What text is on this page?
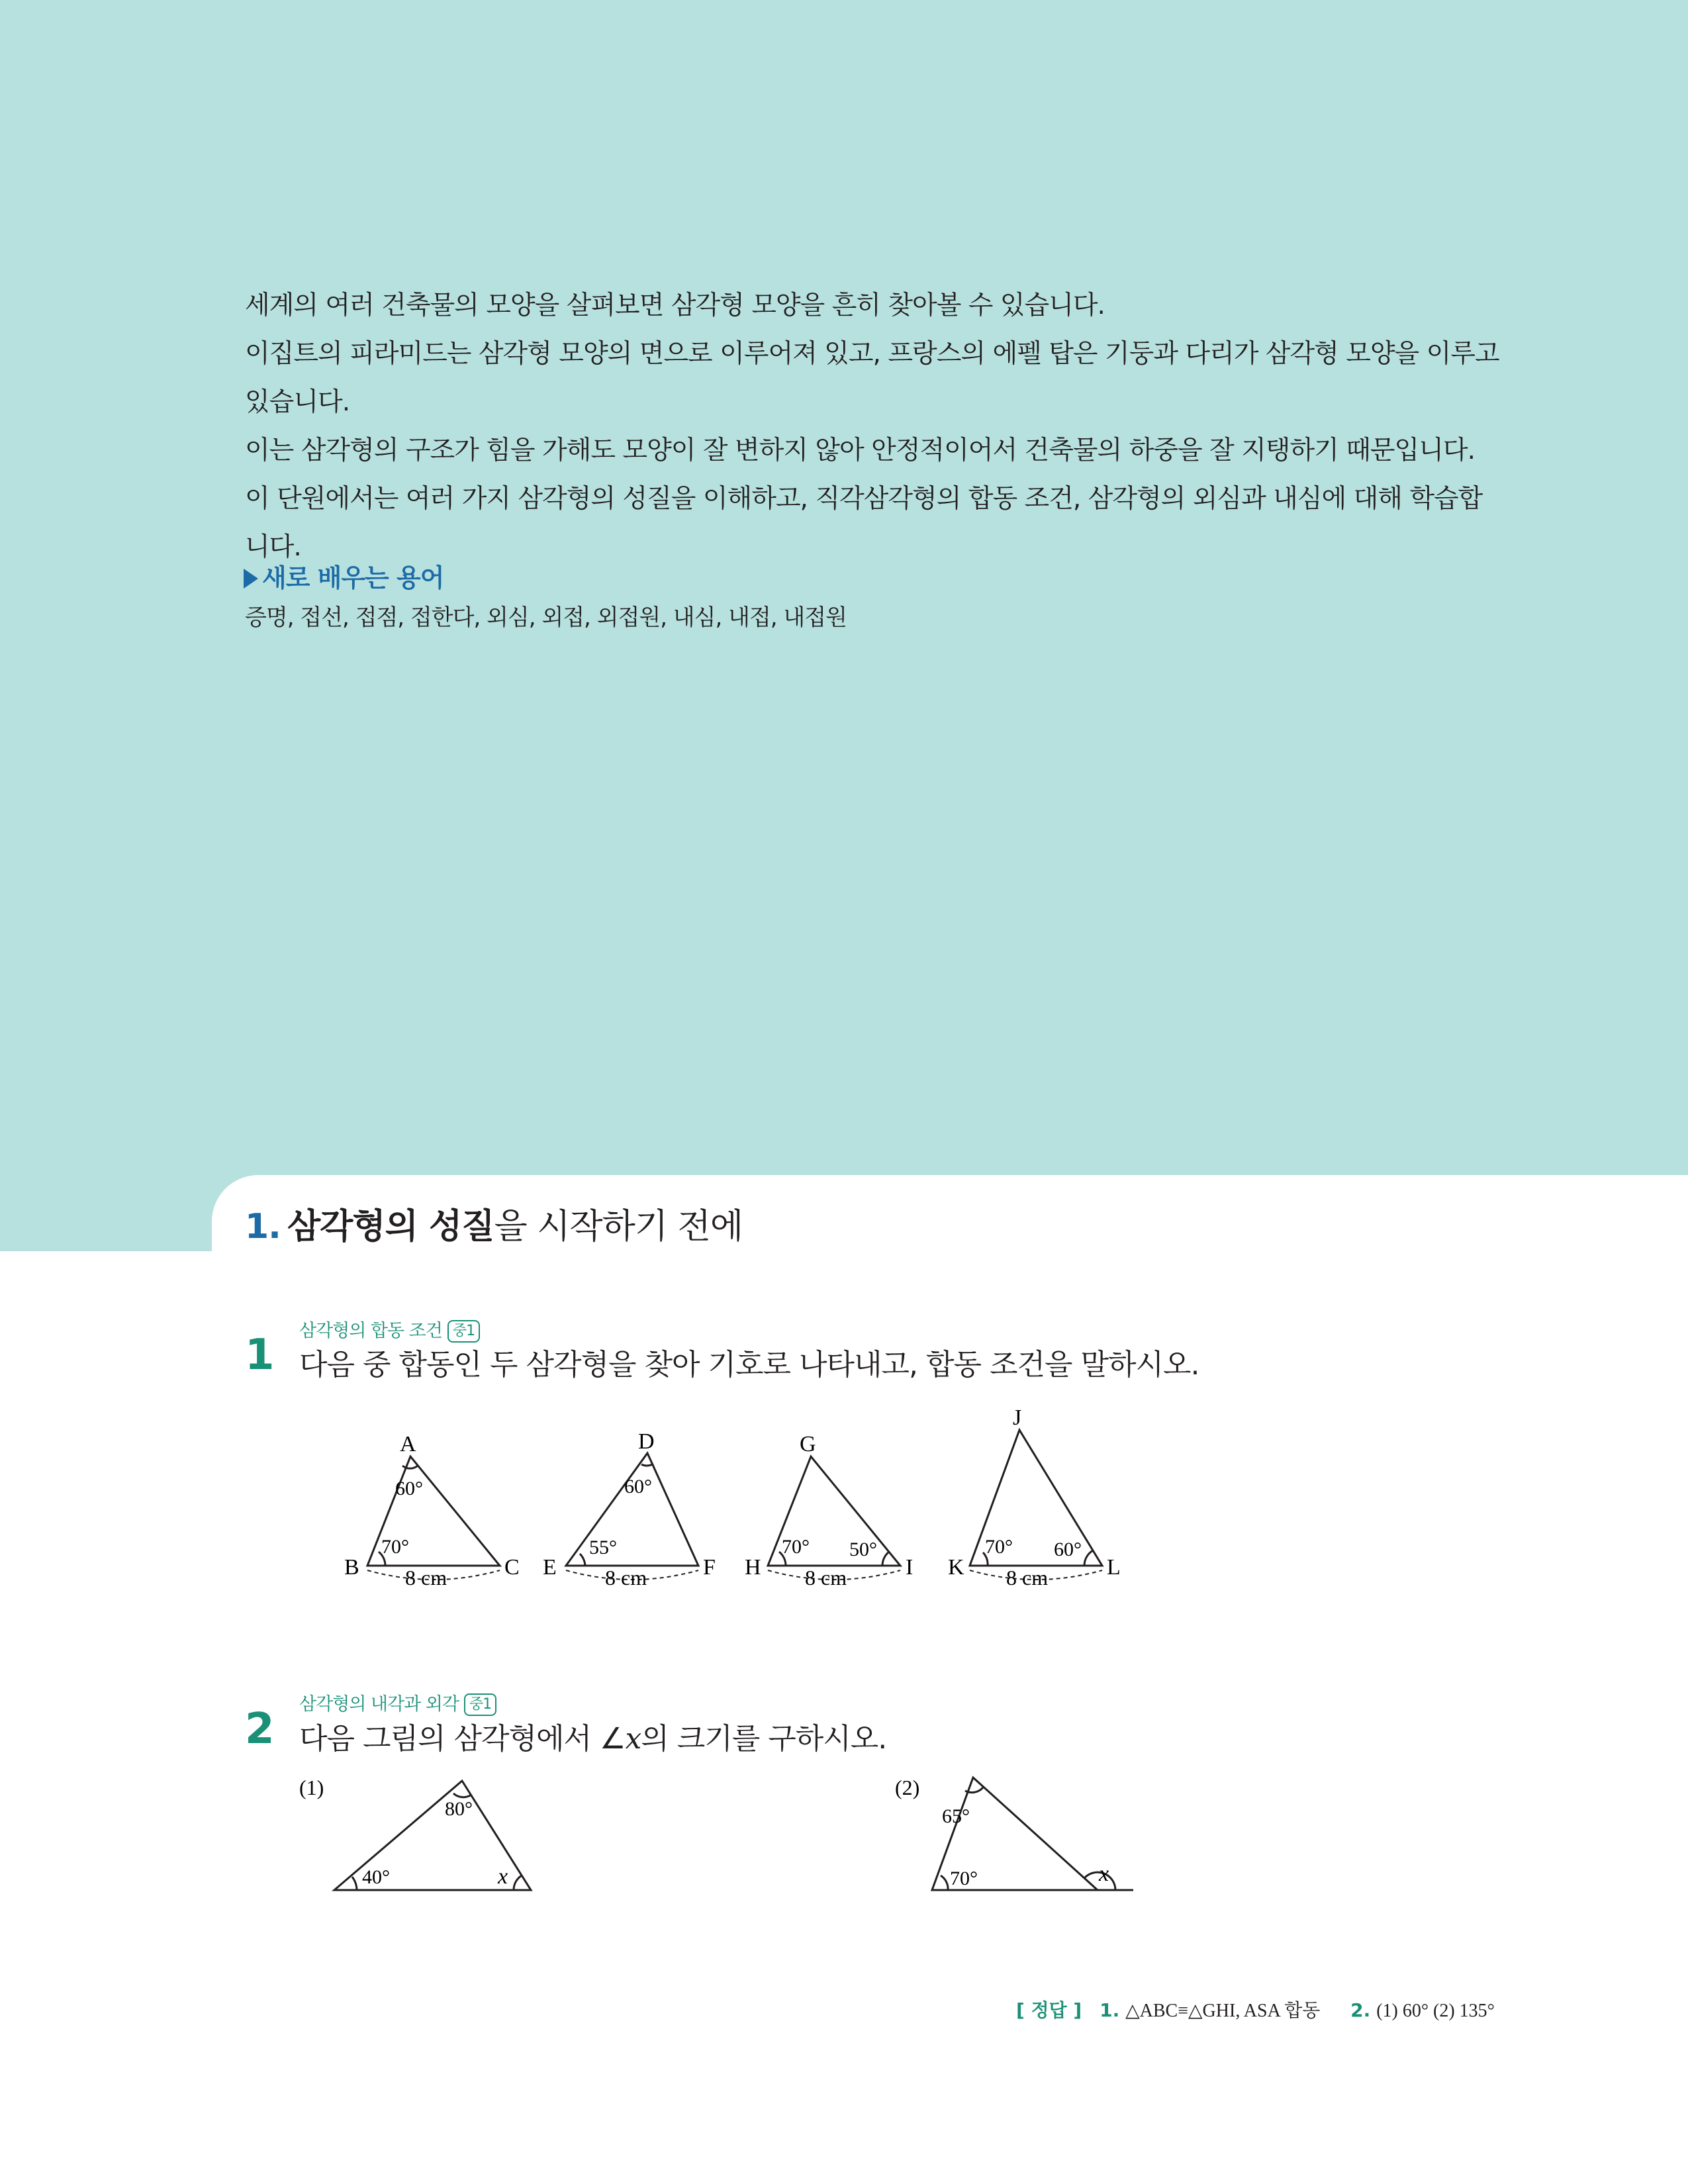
세계의 여러 건축물의 모양을 살펴보면 삼각형 모양을 흔히 찾아볼 수 있습니다.

이집트의 피라미드는 삼각형 모양의 면으로 이루어져 있고, 프랑스의 에펠 탑은 기둥과 다리가 삼각형 모양을 이루고

있습니다.

이는 삼각형의 구조가 힘을 가해도 모양이 잘 변하지 않아 안정적이어서 건축물의 하중을 잘 지탱하기 때문입니다.

이 단원에서는 여러 가지 삼각형의 성질을 이해하고, 직각삼각형의 합동 조건, 삼각형의 외심과 내심에 대해 학습합니다.

새로 배우는 용어
증명, 접선, 접점, 접한다, 외심, 외접, 외접원, 내심, 내접, 내접원
1. 삼각형의 성질을 시작하기 전에
삼각형의 합동 조건 중1
1 다음 중 합동인 두 삼각형을 찾아 기호로 나타내고, 합동 조건을 말하시오.
A
B	C
60°
70°
8 cm
D
E	F
60°
55°
8 cm
G
H	I
70° 50°
8 cm
J
K	L
70° 60°
8 cm
삼각형의 내각과 외각 중1
2 다음 그림의 삼각형에서 ∠x의 크기를 구하시오.
(1)
40°
80°
x
(2)
65°
70°	x
[ 정답 ] 1. △ABC≡△GHI, ASA 합동 2. (1) 60° (2) 135°
